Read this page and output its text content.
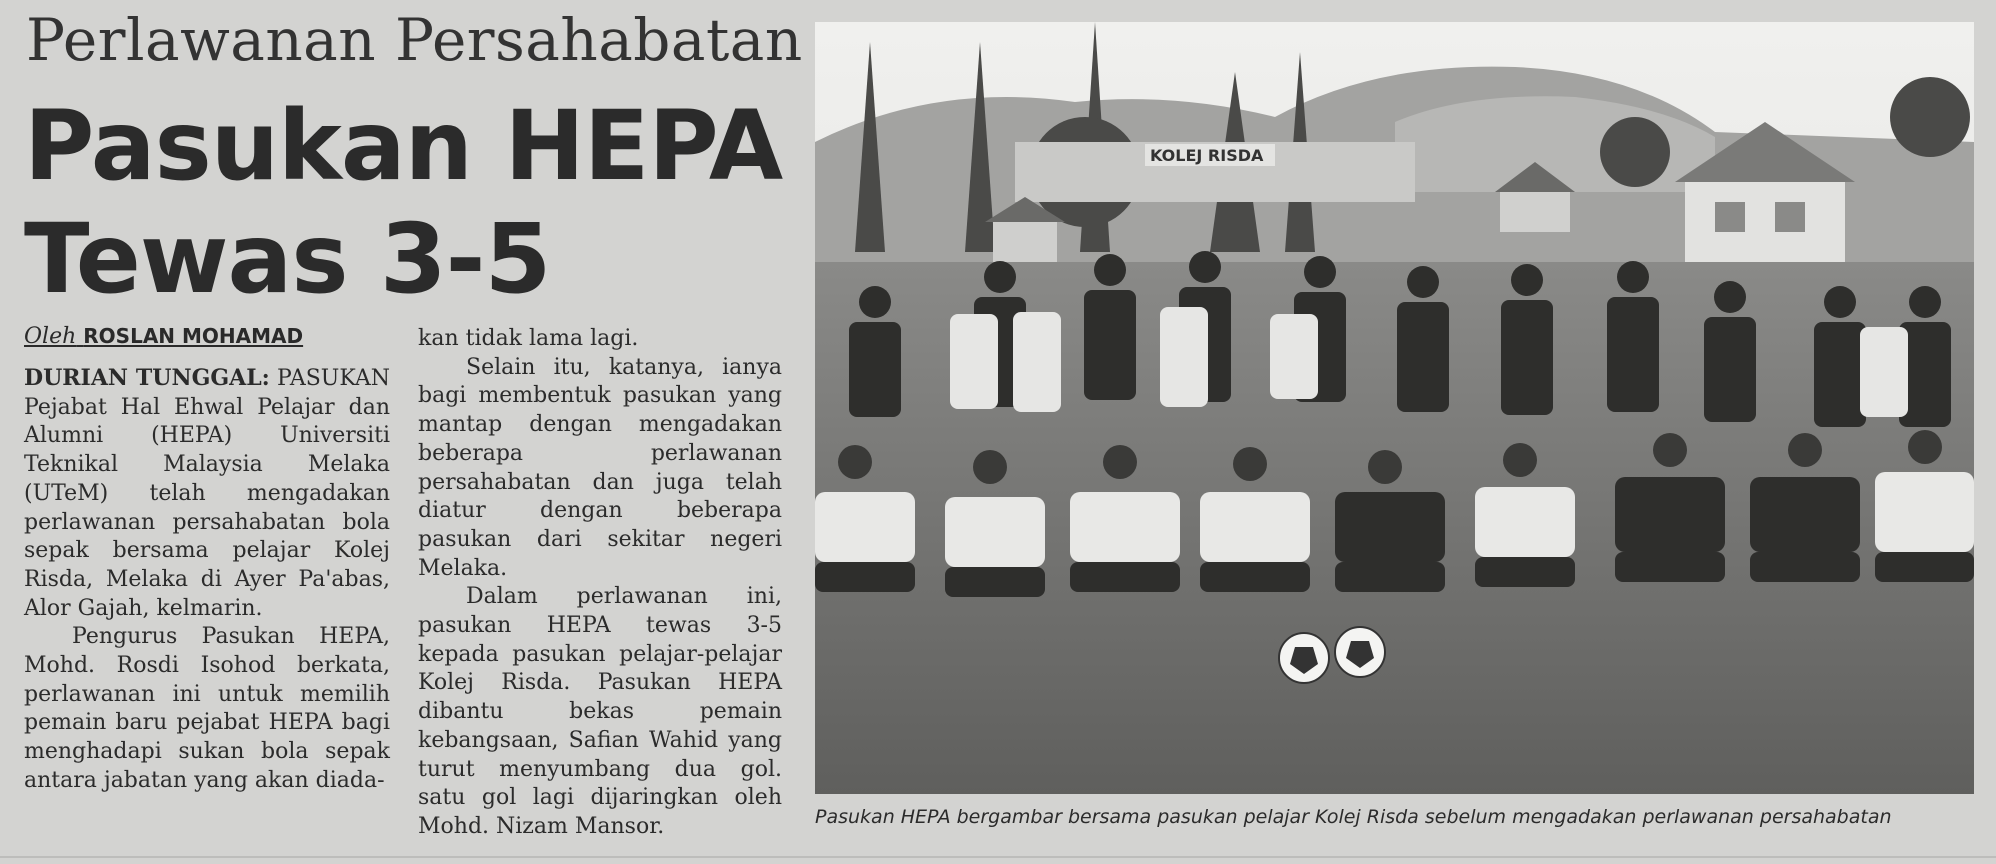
Perlawanan Persahabatan
Pasukan HEPA
Tewas 3-5
Oleh ROSLAN MOHAMAD

DURIAN TUNGGAL: PASUKAN Pejabat Hal Ehwal Pelajar dan Alumni (HEPA) Universiti Teknikal Malaysia Melaka (UTeM) telah mengadakan perlawanan persahabatan bola sepak bersama pelajar Kolej Risda, Melaka di Ayer Pa'abas, Alor Gajah, kelmarin.

Pengurus Pasukan HEPA, Mohd. Rosdi Isohod berkata, perlawanan ini untuk memilih pemain baru pejabat HEPA bagi menghadapi sukan bola sepak antara jabatan yang akan diada-

kan tidak lama lagi.

Selain itu, katanya, ianya bagi membentuk pasukan yang mantap dengan mengadakan beberapa perlawanan persahabatan dan juga telah diatur dengan beberapa pasukan dari sekitar negeri Melaka.

Dalam perlawanan ini, pasukan HEPA tewas 3-5 kepada pasukan pelajar-pelajar Kolej Risda. Pasukan HEPA dibantu bekas pemain kebangsaan, Safian Wahid yang turut menyumbang dua gol. satu gol lagi dijaringkan oleh Mohd. Nizam Mansor.

KOLEJ RISDA
Pasukan HEPA bergambar bersama pasukan pelajar Kolej Risda sebelum mengadakan perlawanan persahabatan
